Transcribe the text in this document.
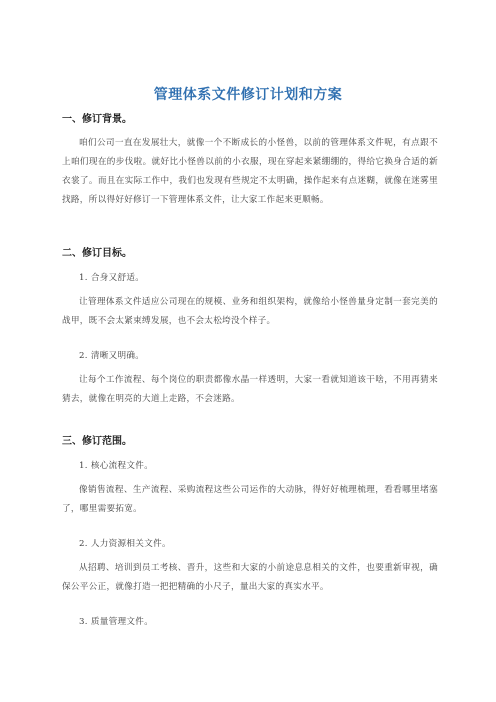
管理体系文件修订计划和方案
一、修订背景。
咱们公司一直在发展壮大，就像一个不断成长的小怪兽，以前的管理体系文件呢，有点跟不上咱们现在的步伐啦。就好比小怪兽以前的小衣服，现在穿起来紧绷绷的，得给它换身合适的新衣裳了。而且在实际工作中，我们也发现有些规定不太明确，操作起来有点迷糊，就像在迷雾里找路，所以得好好修订一下管理体系文件，让大家工作起来更顺畅。
二、修订目标。
1. 合身又舒适。
让管理体系文件适应公司现在的规模、业务和组织架构，就像给小怪兽量身定制一套完美的战甲，既不会太紧束缚发展，也不会太松垮没个样子。
2. 清晰又明确。
让每个工作流程、每个岗位的职责都像水晶一样透明，大家一看就知道该干啥，不用再猜来猜去，就像在明亮的大道上走路，不会迷路。
三、修订范围。
1. 核心流程文件。
像销售流程、生产流程、采购流程这些公司运作的大动脉，得好好梳理梳理，看看哪里堵塞了，哪里需要拓宽。
2. 人力资源相关文件。
从招聘、培训到员工考核、晋升，这些和大家的小前途息息相关的文件，也要重新审视，确保公平公正，就像打造一把把精确的小尺子，量出大家的真实水平。
3. 质量管理文件。
